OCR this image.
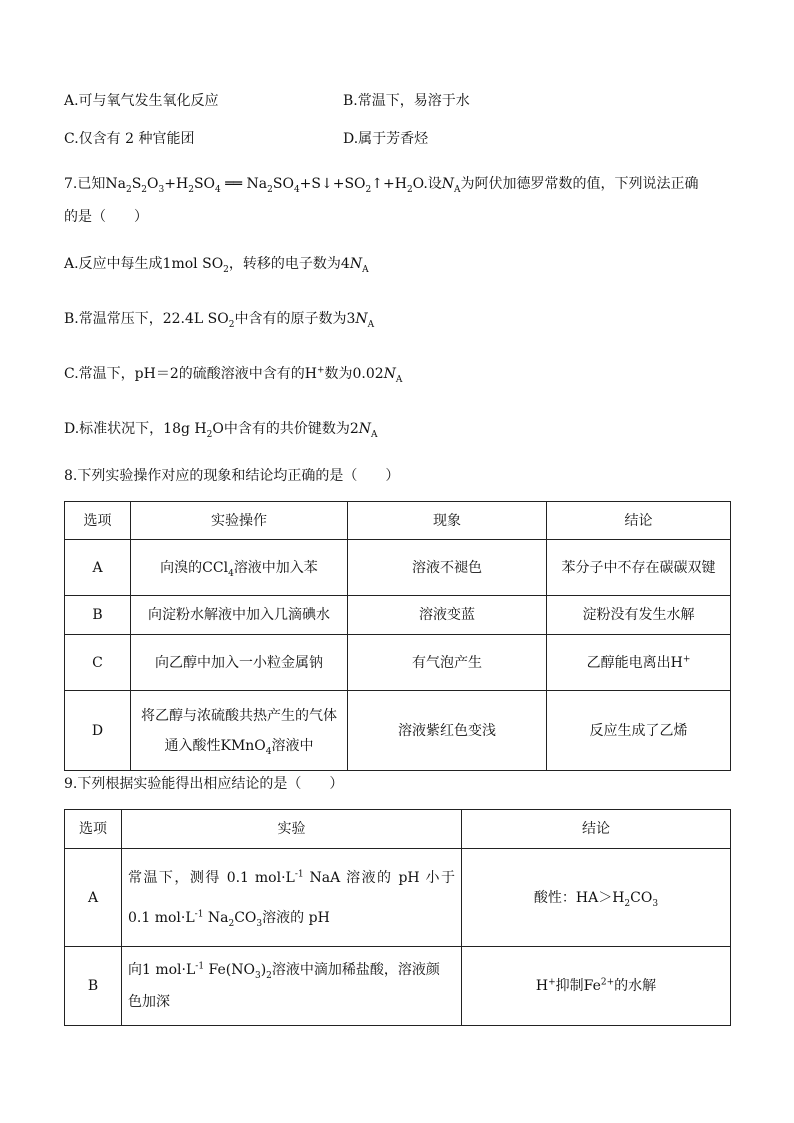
A.可与氧气发生氧化反应	B.常温下，易溶于水
C.仅含有 2 种官能团	D.属于芳香烃
7.已知$Na_2S_2O_3+H_2SO_4$ ══ $Na_2SO_4+S↓+SO_2↑+H_2O$.设$N_A$为阿伏加德罗常数的值，下列说法正确
的是（　　）
A.反应中每生成1mol $SO_2$，转移的电子数为$4N_A$
B.常温常压下，22.4L $SO_2$中含有的原子数为$3N_A$
C.常温下，pH＝2的硫酸溶液中含有的H+数为$0.02N_A$
D.标准状况下，18g $H_2O$中含有的共价键数为$2N_A$
8.下列实验操作对应的现象和结论均正确的是（　　）
选项	实验操作	现象	结论
A	向溴的CCl$_4$溶液中加入苯	溶液不褪色	苯分子中不存在碳碳双键
B	向淀粉水解液中加入几滴碘水	溶液变蓝	淀粉没有发生水解
C	向乙醇中加入一小粒金属钠	有气泡产生	乙醇能电离出H+
D	将乙醇与浓硫酸共热产生的气体
通入酸性KMnO$_4$溶液中	溶液紫红色变浅	反应生成了乙烯
9.下列根据实验能得出相应结论的是（　　）
选项	实验	结论
A	常温下，测得 0.1 $mol\cdot L^{-1}$ NaA 溶液的 pH 小于
0.1 $mol\cdot L^{-1}$ $Na_2CO_3$溶液的 pH	酸性：$HA>H_2CO_3$
B	向1 $mol\cdot L^{-1}$ $Fe(NO_3)_2$溶液中滴加稀盐酸，溶液颜
色加深	H+抑制$Fe^{2+}$的水解
